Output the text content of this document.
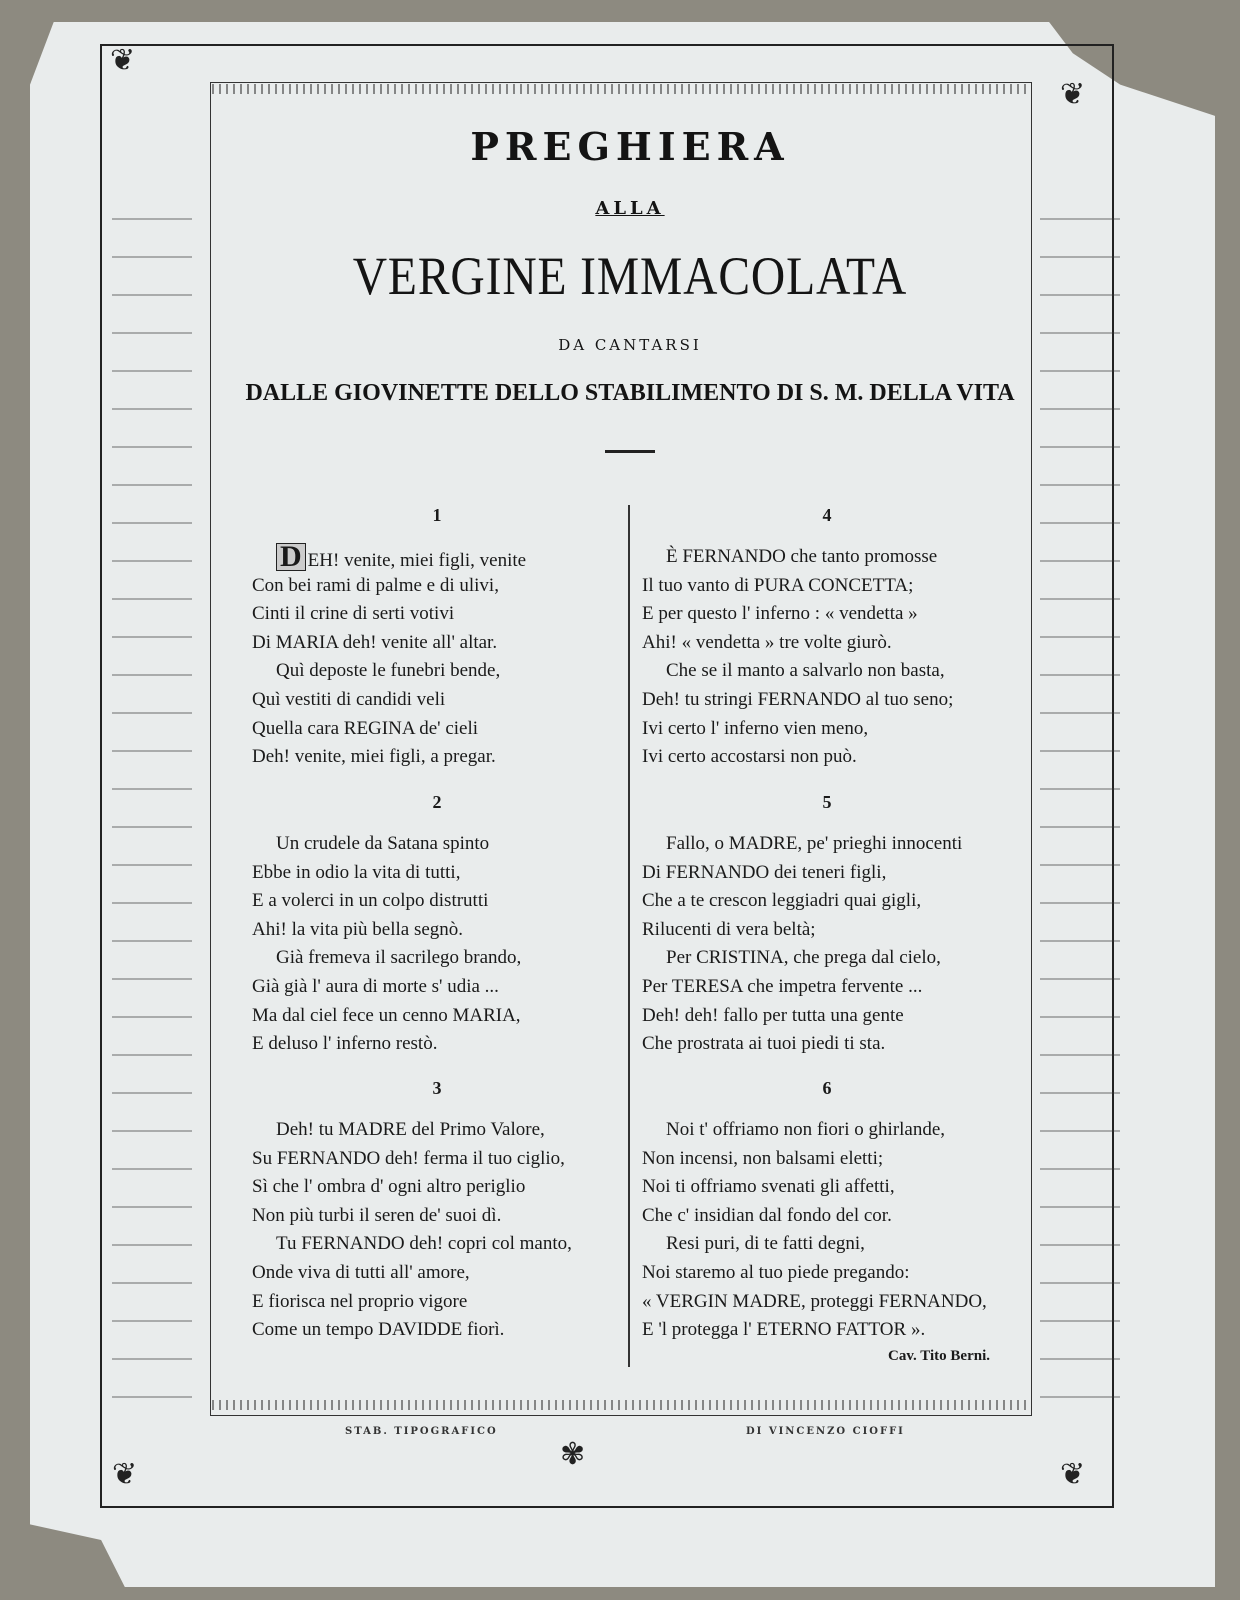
❦
❦
❦	❦
✾
PREGHIERA
ALLA
VERGINE IMMACOLATA
DA CANTARSI
DALLE GIOVINETTE DELLO STABILIMENTO DI S. M. DELLA VITA
1
D EH! venite, miei figli, venite
Con bei rami di palme e di ulivi,
Cinti il crine di serti votivi
Di MARIA deh! venite all' altar.
Quì deposte le funebri bende,
Quì vestiti di candidi veli
Quella cara REGINA de' cieli
Deh! venite, miei figli, a pregar.
2
Un crudele da Satana spinto
Ebbe in odio la vita di tutti,
E a volerci in un colpo distrutti
Ahi! la vita più bella segnò.
Già fremeva il sacrilego brando,
Già già l' aura di morte s' udia ...
Ma dal ciel fece un cenno MARIA,
E deluso l' inferno restò.
3
Deh! tu MADRE del Primo Valore,
Su FERNANDO deh! ferma il tuo ciglio,
Sì che l' ombra d' ogni altro periglio
Non più turbi il seren de' suoi dì.
Tu FERNANDO deh! copri col manto,
Onde viva di tutti all' amore,
E fiorisca nel proprio vigore
Come un tempo DAVIDDE fiorì.
4
È FERNANDO che tanto promosse
Il tuo vanto di PURA CONCETTA;
E per questo l' inferno : « vendetta »
Ahi! « vendetta » tre volte giurò.
Che se il manto a salvarlo non basta,
Deh! tu stringi FERNANDO al tuo seno;
Ivi certo l' inferno vien meno,
Ivi certo accostarsi non può.
5
Fallo, o MADRE, pe' prieghi innocenti
Di FERNANDO dei teneri figli,
Che a te crescon leggiadri quai gigli,
Rilucenti di vera beltà;
Per CRISTINA, che prega dal cielo,
Per TERESA che impetra fervente ...
Deh! deh! fallo per tutta una gente
Che prostrata ai tuoi piedi ti sta.
6
Noi t' offriamo non fiori o ghirlande,
Non incensi, non balsami eletti;
Noi ti offriamo svenati gli affetti,
Che c' insidian dal fondo del cor.
Resi puri, di te fatti degni,
Noi staremo al tuo piede pregando:
« VERGIN MADRE, proteggi FERNANDO,
E 'l protegga l' ETERNO FATTOR ».
Cav. Tito Berni.
STAB. TIPOGRAFICO	DI VINCENZO CIOFFI
